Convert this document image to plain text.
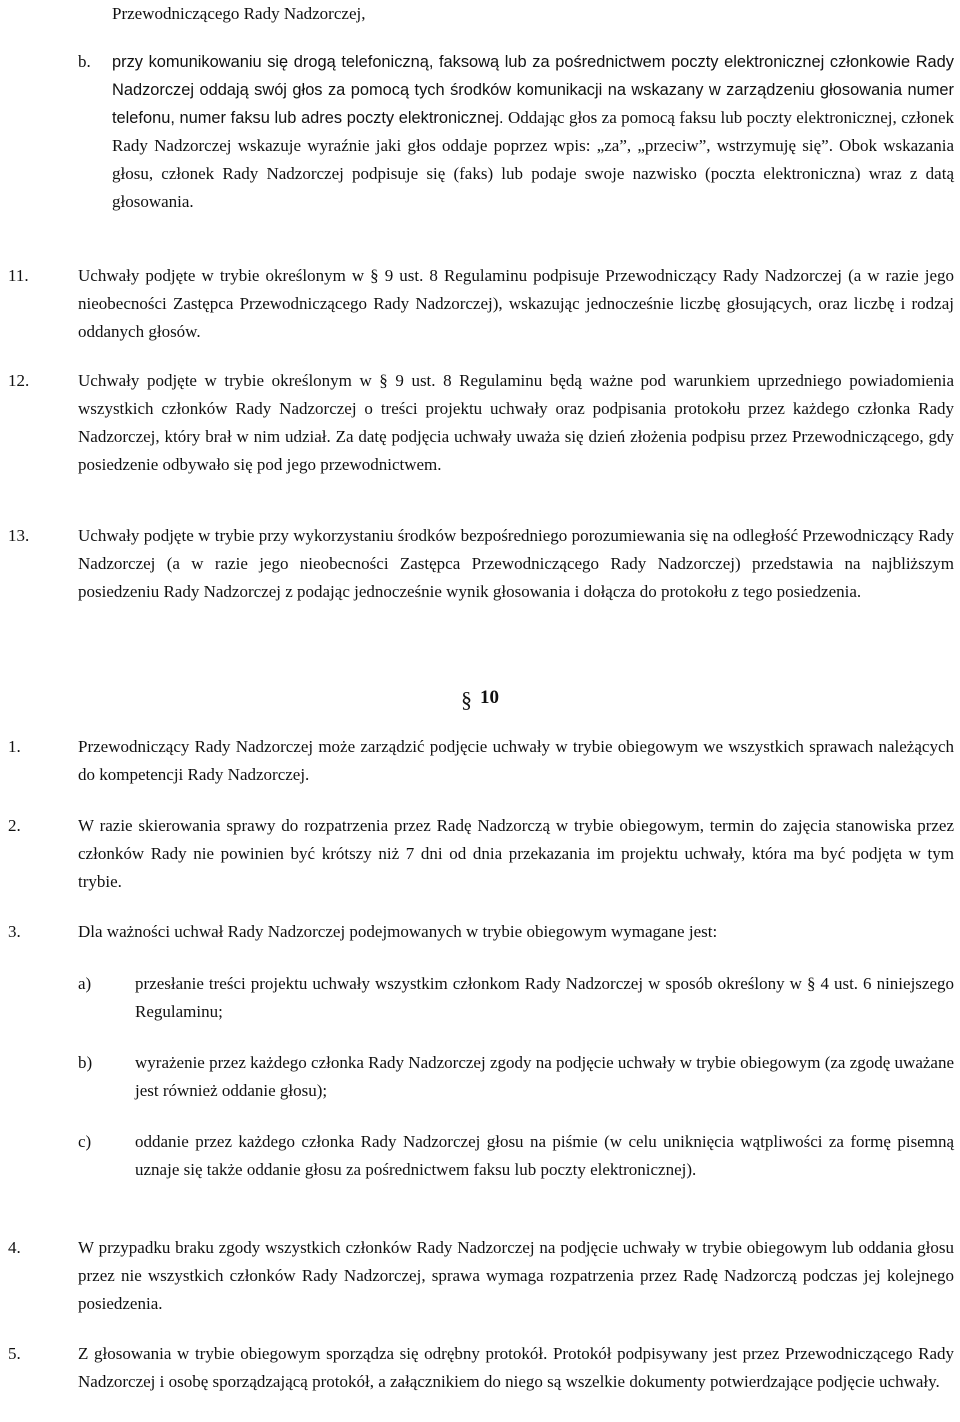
Przewodniczącego Rady Nadzorczej,

b. przy komunikowaniu się drogą telefoniczną, faksową lub za pośrednictwem poczty elektronicznej członkowie Rady Nadzorczej oddają swój głos za pomocą tych środków komunikacji na wskazany w zarządzeniu głosowania numer telefonu, numer faksu lub adres poczty elektronicznej. Oddając głos za pomocą faksu lub poczty elektronicznej, członek Rady Nadzorczej wskazuje wyraźnie jaki głos oddaje poprzez wpis: „za”, „przeciw”, wstrzymuję się”. Obok wskazania głosu, członek Rady Nadzorczej podpisuje się (faks) lub podaje swoje nazwisko (poczta elektroniczna) wraz z datą głosowania.

11.	Uchwały podjęte w trybie określonym w § 9 ust. 8 Regulaminu podpisuje Przewodniczący Rady Nadzorczej (a w razie jego nieobecności Zastępca Przewodniczącego Rady Nadzorczej), wskazując jednocześnie liczbę głosujących, oraz liczbę i rodzaj oddanych głosów.

12.	Uchwały podjęte w trybie określonym w § 9 ust. 8 Regulaminu będą ważne pod warunkiem uprzedniego powiadomienia wszystkich członków Rady Nadzorczej o treści projektu uchwały oraz podpisania protokołu przez każdego członka Rady Nadzorczej, który brał w nim udział. Za datę podjęcia uchwały uważa się dzień złożenia podpisu przez Przewodniczącego, gdy posiedzenie odbywało się pod jego przewodnictwem.

13.	Uchwały podjęte w trybie przy wykorzystaniu środków bezpośredniego porozumiewania się na odległość Przewodniczący Rady Nadzorczej (a w razie jego nieobecności Zastępca Przewodniczącego Rady Nadzorczej) przedstawia na najbliższym posiedzeniu Rady Nadzorczej z podając jednocześnie wynik głosowania i dołącza do protokołu z tego posiedzenia.

§ 10

1.	Przewodniczący Rady Nadzorczej może zarządzić podjęcie uchwały w trybie obiegowym we wszystkich sprawach należących do kompetencji Rady Nadzorczej.

2.	W razie skierowania sprawy do rozpatrzenia przez Radę Nadzorczą w trybie obiegowym, termin do zajęcia stanowiska przez członków Rady nie powinien być krótszy niż 7 dni od dnia przekazania im projektu uchwały, która ma być podjęta w tym trybie.

3.	Dla ważności uchwał Rady Nadzorczej podejmowanych w trybie obiegowym wymagane jest:

a)	przesłanie treści projektu uchwały wszystkim członkom Rady Nadzorczej w sposób określony w § 4 ust. 6 niniejszego Regulaminu;

b)	wyrażenie przez każdego członka Rady Nadzorczej zgody na podjęcie uchwały w trybie obiegowym (za zgodę uważane jest również oddanie głosu);

c)	oddanie przez każdego członka Rady Nadzorczej głosu na piśmie (w celu uniknięcia wątpliwości za formę pisemną uznaje się także oddanie głosu za pośrednictwem faksu lub poczty elektronicznej).

4.	W przypadku braku zgody wszystkich członków Rady Nadzorczej na podjęcie uchwały w trybie obiegowym lub oddania głosu przez nie wszystkich członków Rady Nadzorczej, sprawa wymaga rozpatrzenia przez Radę Nadzorczą podczas jej kolejnego posiedzenia.

5.	Z głosowania w trybie obiegowym sporządza się odrębny protokół. Protokół podpisywany jest przez Przewodniczącego Rady Nadzorczej i osobę sporządzającą protokół, a załącznikiem do niego są wszelkie dokumenty potwierdzające podjęcie uchwały.
